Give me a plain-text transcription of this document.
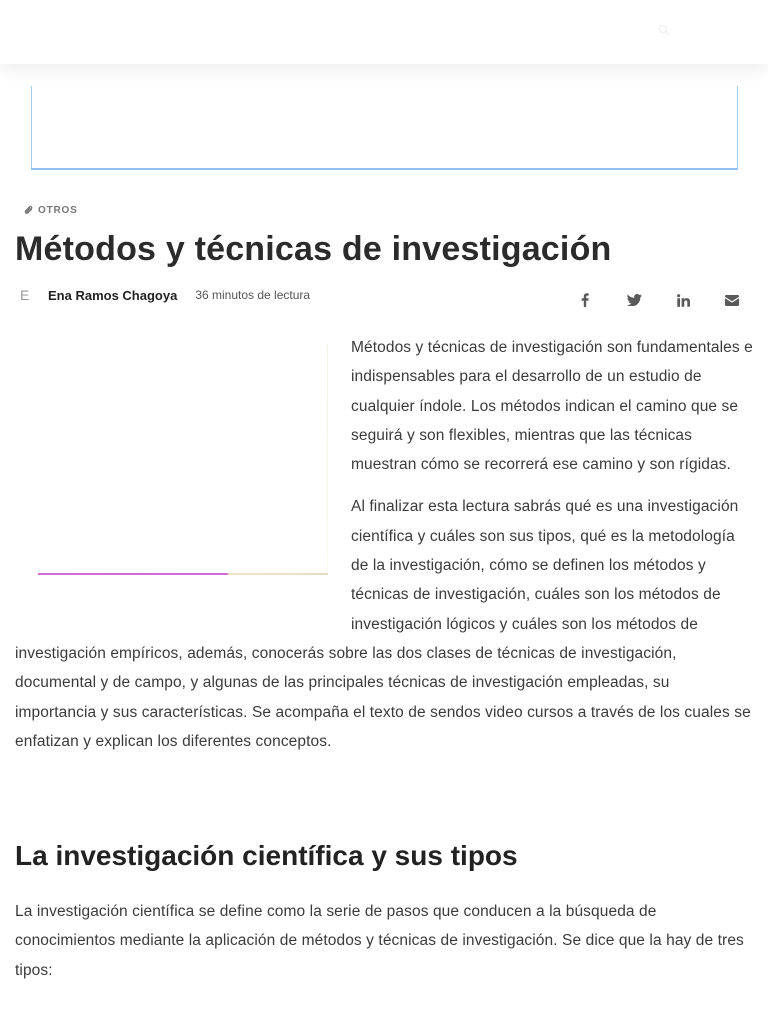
OTROS
Métodos y técnicas de investigación
E	Ena Ramos Chagoya 36 minutos de lectura

Métodos y técnicas de investigación son fundamentales e indispensables para el desarrollo de un estudio de cualquier índole. Los métodos indican el camino que se seguirá y son flexibles, mientras que las técnicas muestran cómo se recorrerá ese camino y son rígidas.

Al finalizar esta lectura sabrás qué es una investigación científica y cuáles son sus tipos, qué es la metodología de la investigación, cómo se definen los métodos y técnicas de investigación, cuáles son los métodos de investigación lógicos y cuáles son los métodos de investigación empíricos, además, conocerás sobre las dos clases de técnicas de investigación, documental y de campo, y algunas de las principales técnicas de investigación empleadas, su importancia y sus características. Se acompaña el texto de sendos video cursos a través de los cuales se enfatizan y explican los diferentes conceptos.

La investigación científica y sus tipos

La investigación científica se define como la serie de pasos que conducen a la búsqueda de conocimientos mediante la aplicación de métodos y técnicas de investigación. Se dice que la hay de tres tipos:
